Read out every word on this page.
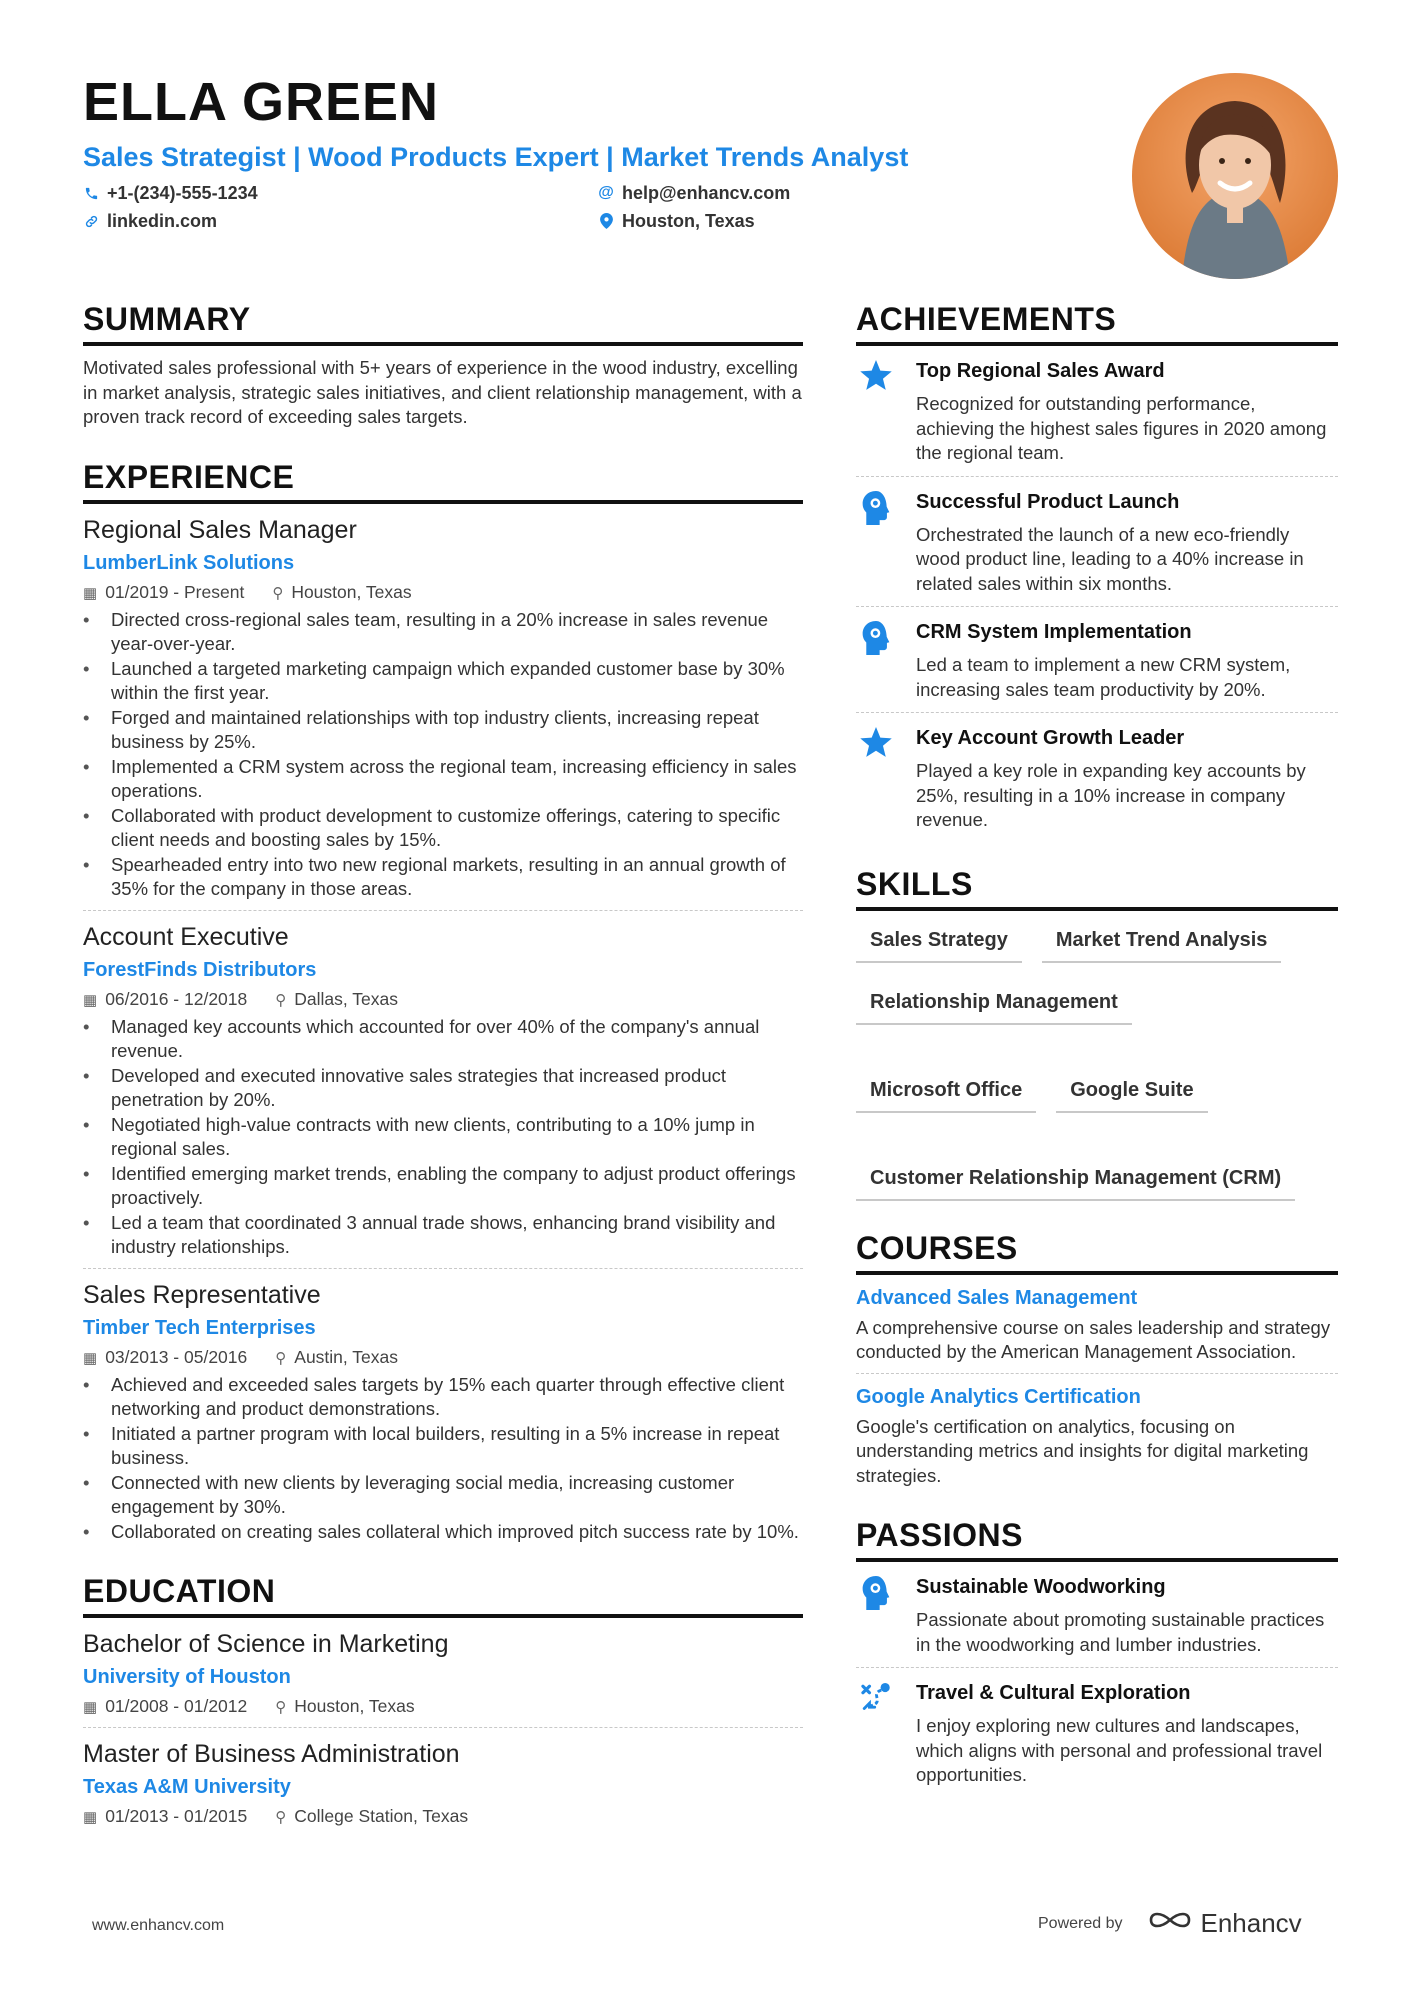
ELLA GREEN
Sales Strategist | Wood Products Expert | Market Trends Analyst
+1-(234)-555-1234	@ help@enhancv.com
linkedin.com	Houston, Texas
SUMMARY
Motivated sales professional with 5+ years of experience in the wood industry, excelling in market analysis, strategic sales initiatives, and client relationship management, with a proven track record of exceeding sales targets.
EXPERIENCE
Regional Sales Manager
LumberLink Solutions
▦ 01/2019 - Present ⚲ Houston, Texas
• Directed cross-regional sales team, resulting in a 20% increase in sales revenue year-over-year.
• Launched a targeted marketing campaign which expanded customer base by 30% within the first year.
• Forged and maintained relationships with top industry clients, increasing repeat business by 25%.
• Implemented a CRM system across the regional team, increasing efficiency in sales operations.
• Collaborated with product development to customize offerings, catering to specific client needs and boosting sales by 15%.
• Spearheaded entry into two new regional markets, resulting in an annual growth of 35% for the company in those areas.
Account Executive
ForestFinds Distributors
▦ 06/2016 - 12/2018 ⚲ Dallas, Texas
• Managed key accounts which accounted for over 40% of the company's annual revenue.
• Developed and executed innovative sales strategies that increased product penetration by 20%.
• Negotiated high-value contracts with new clients, contributing to a 10% jump in regional sales.
• Identified emerging market trends, enabling the company to adjust product offerings proactively.
• Led a team that coordinated 3 annual trade shows, enhancing brand visibility and industry relationships.
Sales Representative
Timber Tech Enterprises
▦ 03/2013 - 05/2016 ⚲ Austin, Texas
• Achieved and exceeded sales targets by 15% each quarter through effective client networking and product demonstrations.
• Initiated a partner program with local builders, resulting in a 5% increase in repeat business.
• Connected with new clients by leveraging social media, increasing customer engagement by 30%.
• Collaborated on creating sales collateral which improved pitch success rate by 10%.
EDUCATION
Bachelor of Science in Marketing
University of Houston
▦ 01/2008 - 01/2012 ⚲ Houston, Texas
Master of Business Administration
Texas A&M University
▦ 01/2013 - 01/2015 ⚲ College Station, Texas
ACHIEVEMENTS
Top Regional Sales Award
Recognized for outstanding performance, achieving the highest sales figures in 2020 among the regional team.
Successful Product Launch
Orchestrated the launch of a new eco-friendly wood product line, leading to a 40% increase in related sales within six months.
CRM System Implementation
Led a team to implement a new CRM system, increasing sales team productivity by 20%.
Key Account Growth Leader
Played a key role in expanding key accounts by 25%, resulting in a 10% increase in company revenue.
SKILLS
Sales Strategy	Market Trend Analysis
Relationship Management
Microsoft Office	Google Suite
Customer Relationship Management (CRM)
COURSES
Advanced Sales Management
A comprehensive course on sales leadership and strategy conducted by the American Management Association.
Google Analytics Certification
Google's certification on analytics, focusing on understanding metrics and insights for digital marketing strategies.
PASSIONS
Sustainable Woodworking
Passionate about promoting sustainable practices in the woodworking and lumber industries.
Travel & Cultural Exploration
I enjoy exploring new cultures and landscapes, which aligns with personal and professional travel opportunities.
www.enhancv.com	Powered by	Enhancv
